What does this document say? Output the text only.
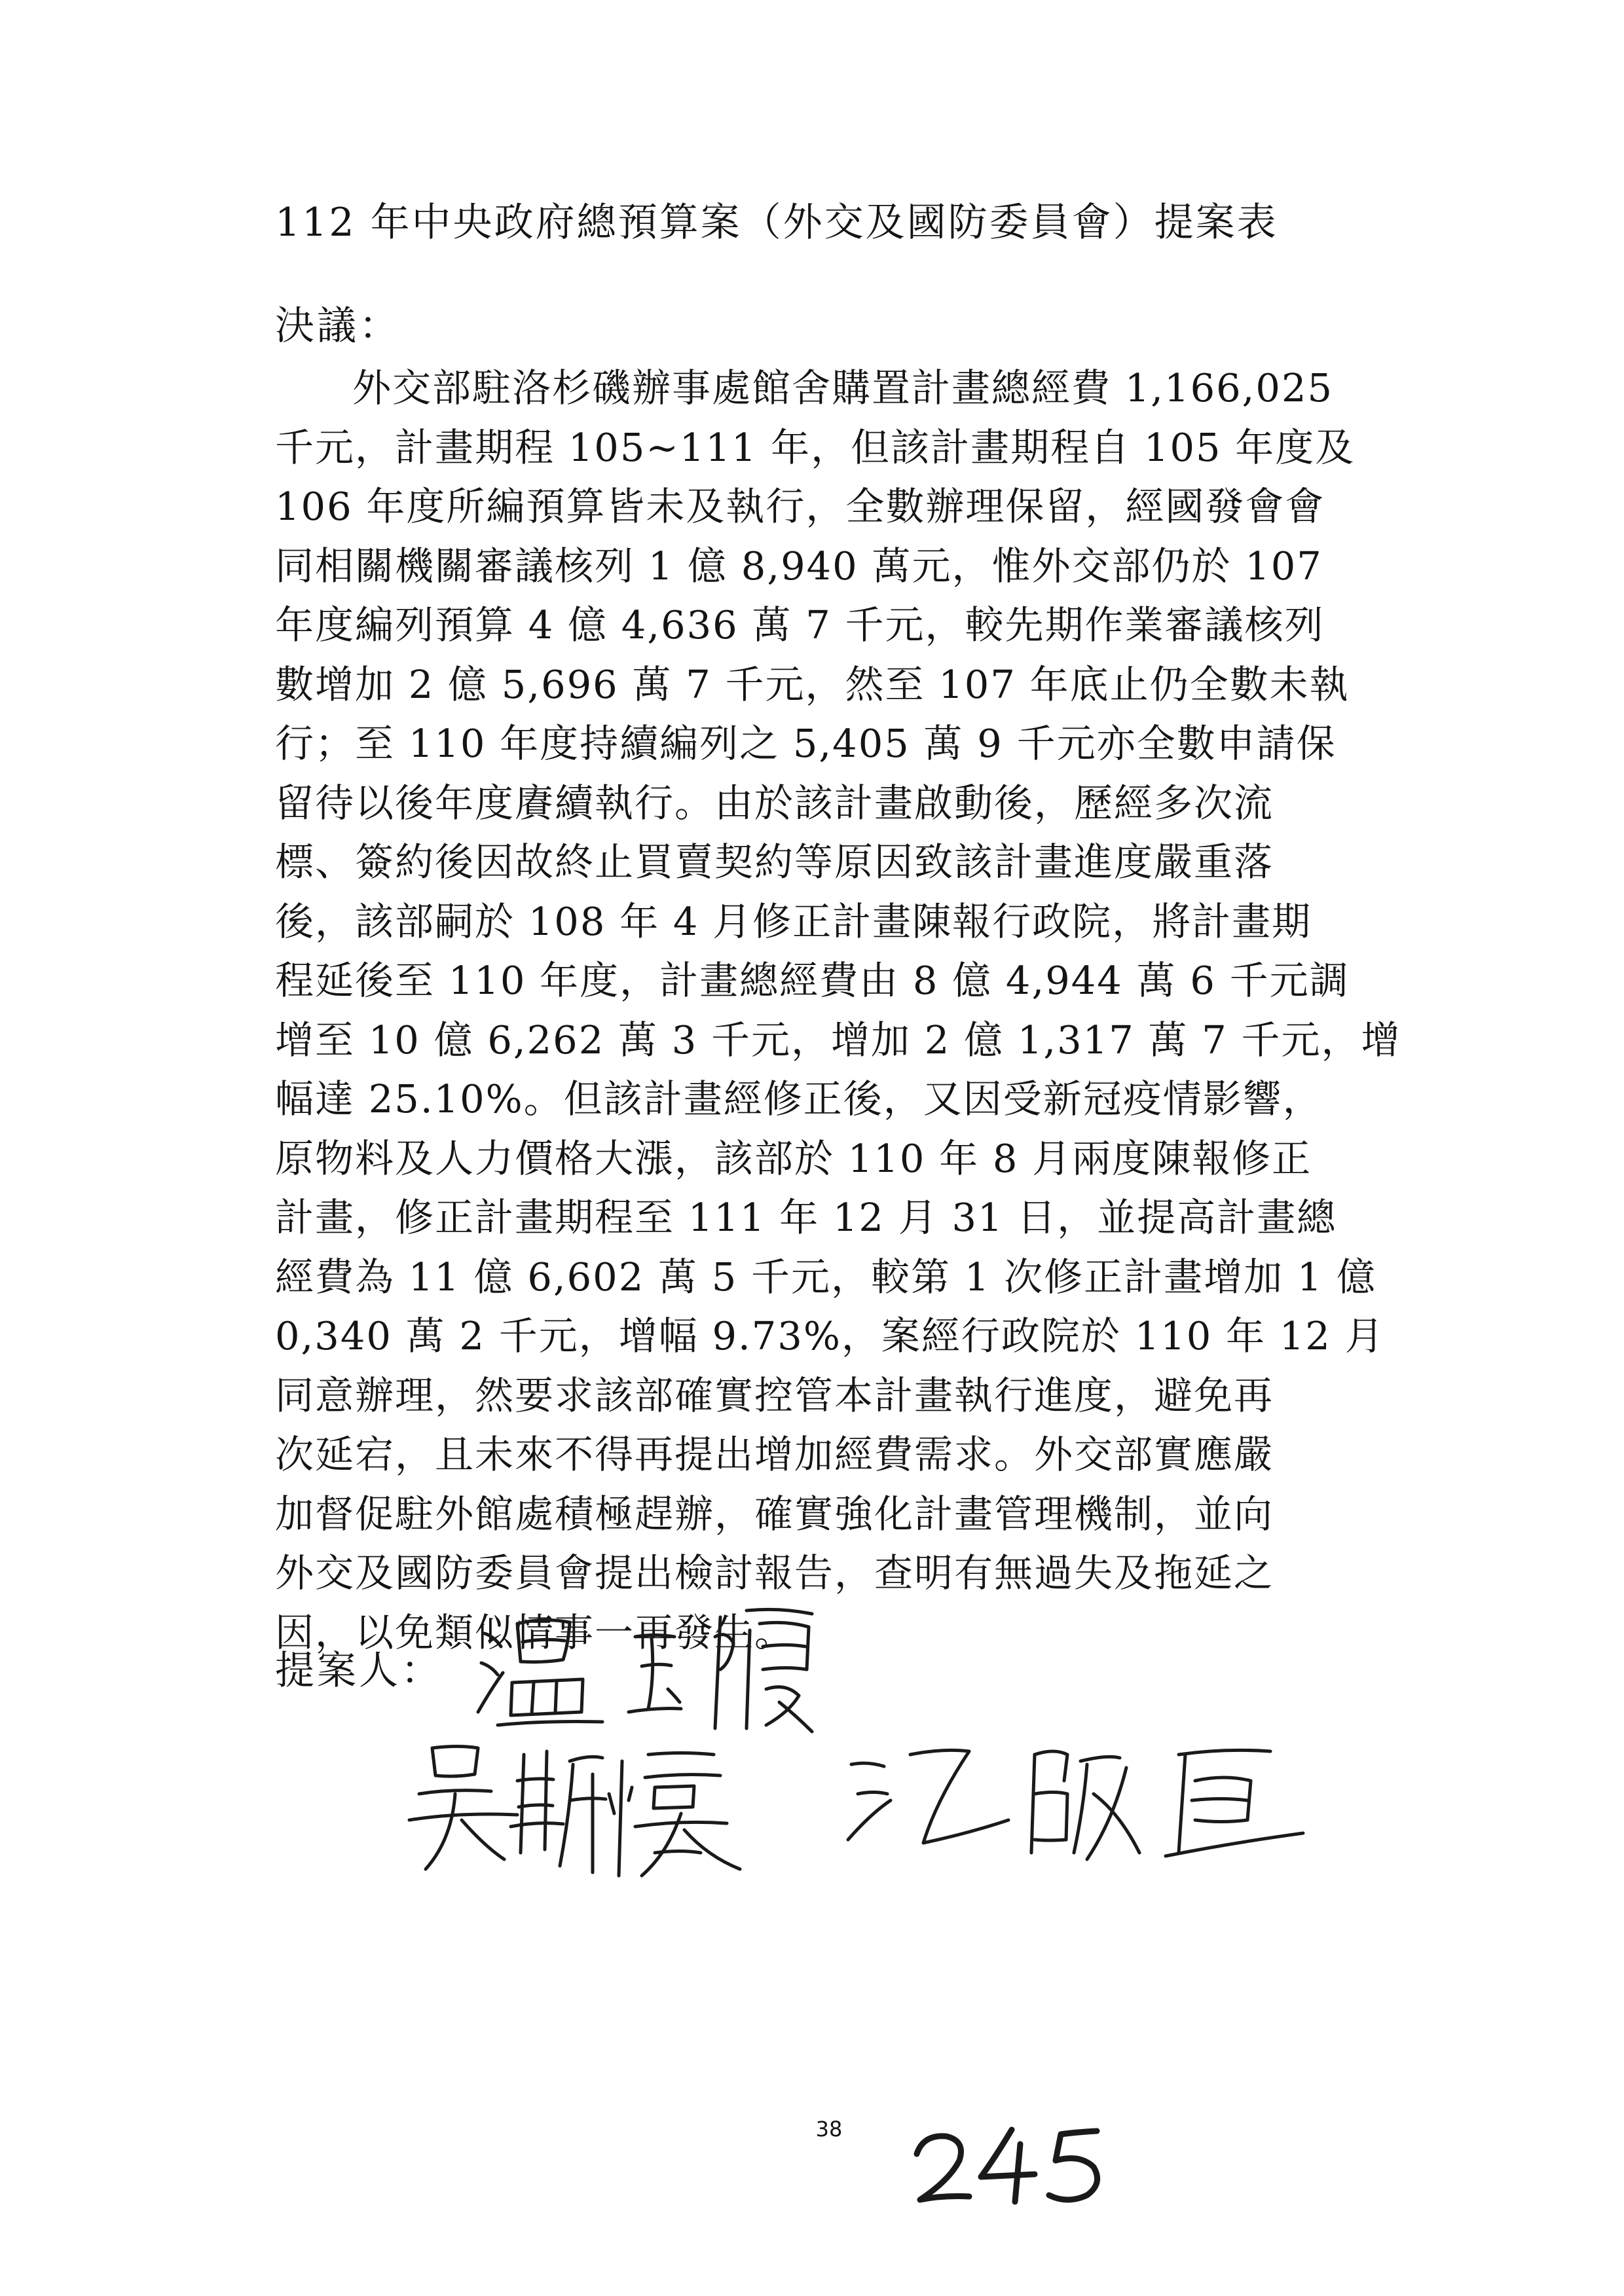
112 年中央政府總預算案（外交及國防委員會）提案表
決議：
外交部駐洛杉磯辦事處館舍購置計畫總經費 1,166,025
千元，計畫期程 105~111 年，但該計畫期程自 105 年度及
106 年度所編預算皆未及執行，全數辦理保留，經國發會會
同相關機關審議核列 1 億 8,940 萬元，惟外交部仍於 107
年度編列預算 4 億 4,636 萬 7 千元，較先期作業審議核列
數增加 2 億 5,696 萬 7 千元，然至 107 年底止仍全數未執
行；至 110 年度持續編列之 5,405 萬 9 千元亦全數申請保
留待以後年度賡續執行。由於該計畫啟動後，歷經多次流
標、簽約後因故終止買賣契約等原因致該計畫進度嚴重落
後，該部嗣於 108 年 4 月修正計畫陳報行政院，將計畫期
程延後至 110 年度，計畫總經費由 8 億 4,944 萬 6 千元調
增至 10 億 6,262 萬 3 千元，增加 2 億 1,317 萬 7 千元，增
幅達 25.10%。但該計畫經修正後，又因受新冠疫情影響，
原物料及人力價格大漲，該部於 110 年 8 月兩度陳報修正
計畫，修正計畫期程至 111 年 12 月 31 日，並提高計畫總
經費為 11 億 6,602 萬 5 千元，較第 1 次修正計畫增加 1 億
0,340 萬 2 千元，增幅 9.73%，案經行政院於 110 年 12 月
同意辦理，然要求該部確實控管本計畫執行進度，避免再
次延宕，且未來不得再提出增加經費需求。外交部實應嚴
加督促駐外館處積極趕辦，確實強化計畫管理機制，並向
外交及國防委員會提出檢討報告，查明有無過失及拖延之
因，以免類似情事一再發生。
提案人：
38
